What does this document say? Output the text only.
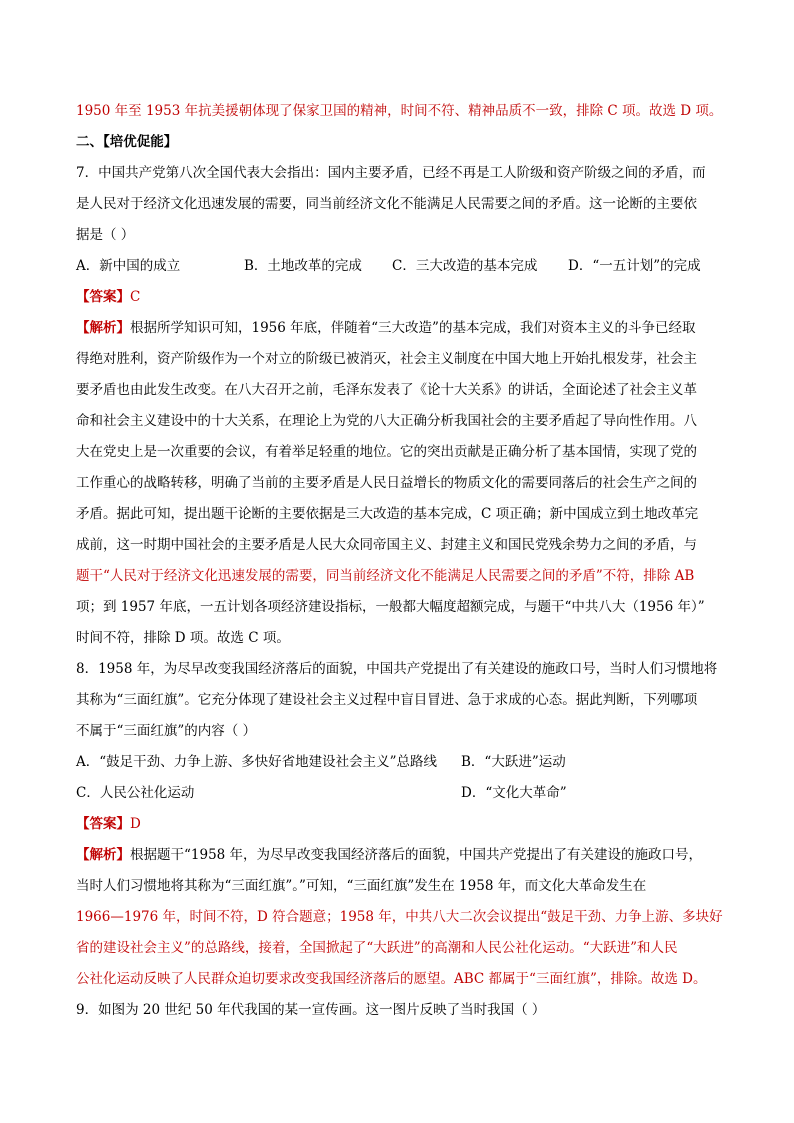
1950 年至 1953 年抗美援朝体现了保家卫国的精神，时间不符、精神品质不一致，排除 C 项。故选 D 项。

二、【培优促能】

7．中国共产党第八次全国代表大会指出：国内主要矛盾，已经不再是工人阶级和资产阶级之间的矛盾，而

是人民对于经济文化迅速发展的需要，同当前经济文化不能满足人民需要之间的矛盾。这一论断的主要依

据是（ ）

A．新中国的成立	B．土地改革的完成	C．三大改造的基本完成	D．“一五计划”的完成

【答案】C

【解析】根据所学知识可知，1956 年底，伴随着“三大改造”的基本完成，我们对资本主义的斗争已经取

得绝对胜利，资产阶级作为一个对立的阶级已被消灭，社会主义制度在中国大地上开始扎根发芽，社会主

要矛盾也由此发生改变。在八大召开之前，毛泽东发表了《论十大关系》的讲话，全面论述了社会主义革

命和社会主义建设中的十大关系，在理论上为党的八大正确分析我国社会的主要矛盾起了导向性作用。八

大在党史上是一次重要的会议，有着举足轻重的地位。它的突出贡献是正确分析了基本国情，实现了党的

工作重心的战略转移，明确了当前的主要矛盾是人民日益增长的物质文化的需要同落后的社会生产之间的

矛盾。据此可知，提出题干论断的主要依据是三大改造的基本完成，C 项正确；新中国成立到土地改革完

成前，这一时期中国社会的主要矛盾是人民大众同帝国主义、封建主义和国民党残余势力之间的矛盾，与

题干“人民对于经济文化迅速发展的需要，同当前经济文化不能满足人民需要之间的矛盾”不符，排除 AB

项；到 1957 年底，一五计划各项经济建设指标，一般都大幅度超额完成，与题干“中共八大（1956 年）”

时间不符，排除 D 项。故选 C 项。

8．1958 年，为尽早改变我国经济落后的面貌，中国共产党提出了有关建设的施政口号，当时人们习惯地将

其称为“三面红旗”。它充分体现了建设社会主义过程中盲目冒进、急于求成的心态。据此判断，下列哪项

不属于“三面红旗”的内容（ ）

A．“鼓足干劲、力争上游、多快好省地建设社会主义”总路线	B．“大跃进”运动
C．人民公社化运动	D．“文化大革命”

【答案】D

【解析】根据题干“1958 年，为尽早改变我国经济落后的面貌，中国共产党提出了有关建设的施政口号，

当时人们习惯地将其称为“三面红旗”。”可知，“三面红旗”发生在 1958 年，而文化大革命发生在

1966—1976 年，时间不符，D 符合题意；1958 年，中共八大二次会议提出“鼓足干劲、力争上游、多块好

省的建设社会主义”的总路线，接着，全国掀起了“大跃进”的高潮和人民公社化运动。“大跃进”和人民

公社化运动反映了人民群众迫切要求改变我国经济落后的愿望。ABC 都属于“三面红旗”，排除。故选 D。

9．如图为 20 世纪 50 年代我国的某一宣传画。这一图片反映了当时我国（ ）
